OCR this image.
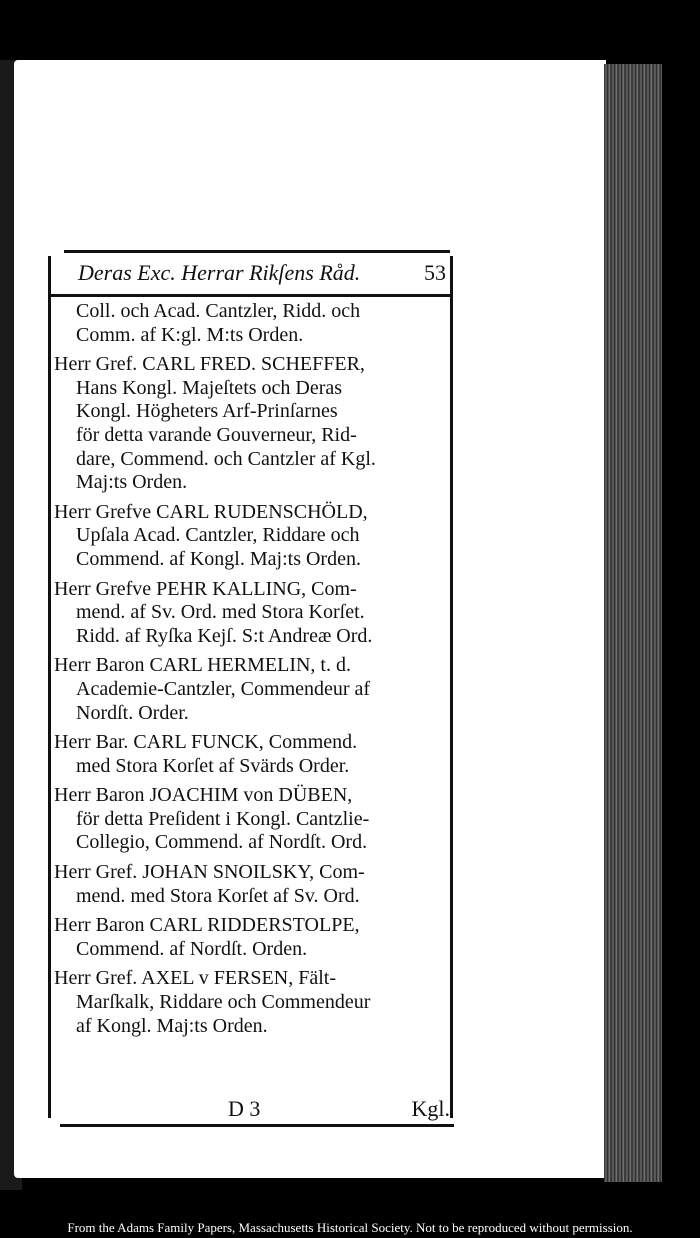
Deras Exc. Herrar Rikſens Råd.	53
Coll. och Acad. Cantzler, Ridd. och
Comm. af K:gl. M:ts Orden.
Herr Gref. CARL FRED. SCHEFFER,
Hans Kongl. Majeſtets och Deras
Kongl. Högheters Arf-Prinſarnes
för detta varande Gouverneur, Rid-
dare, Commend. och Cantzler af Kgl.
Maj:ts Orden.
Herr Grefve CARL RUDENSCHÖLD,
Upſala Acad. Cantzler, Riddare och
Commend. af Kongl. Maj:ts Orden.
Herr Grefve PEHR KALLING, Com-
mend. af Sv. Ord. med Stora Korſet.
Ridd. af Ryſka Kejſ. S:t Andreæ Ord.
Herr Baron CARL HERMELIN, t. d.
Academie-Cantzler, Commendeur af
Nordſt. Order.
Herr Bar. CARL FUNCK, Commend.
med Stora Korſet af Svärds Order.
Herr Baron JOACHIM von DÜBEN,
för detta Preſident i Kongl. Cantzlie-
Collegio, Commend. af Nordſt. Ord.
Herr Gref. JOHAN SNOILSKY, Com-
mend. med Stora Korſet af Sv. Ord.
Herr Baron CARL RIDDERSTOLPE,
Commend. af Nordſt. Orden.
Herr Gref. AXEL v FERSEN, Fält-
Marſkalk, Riddare och Commendeur
af Kongl. Maj:ts Orden.
D 3	Kgl.
From the Adams Family Papers, Massachusetts Historical Society. Not to be reproduced without permission.
